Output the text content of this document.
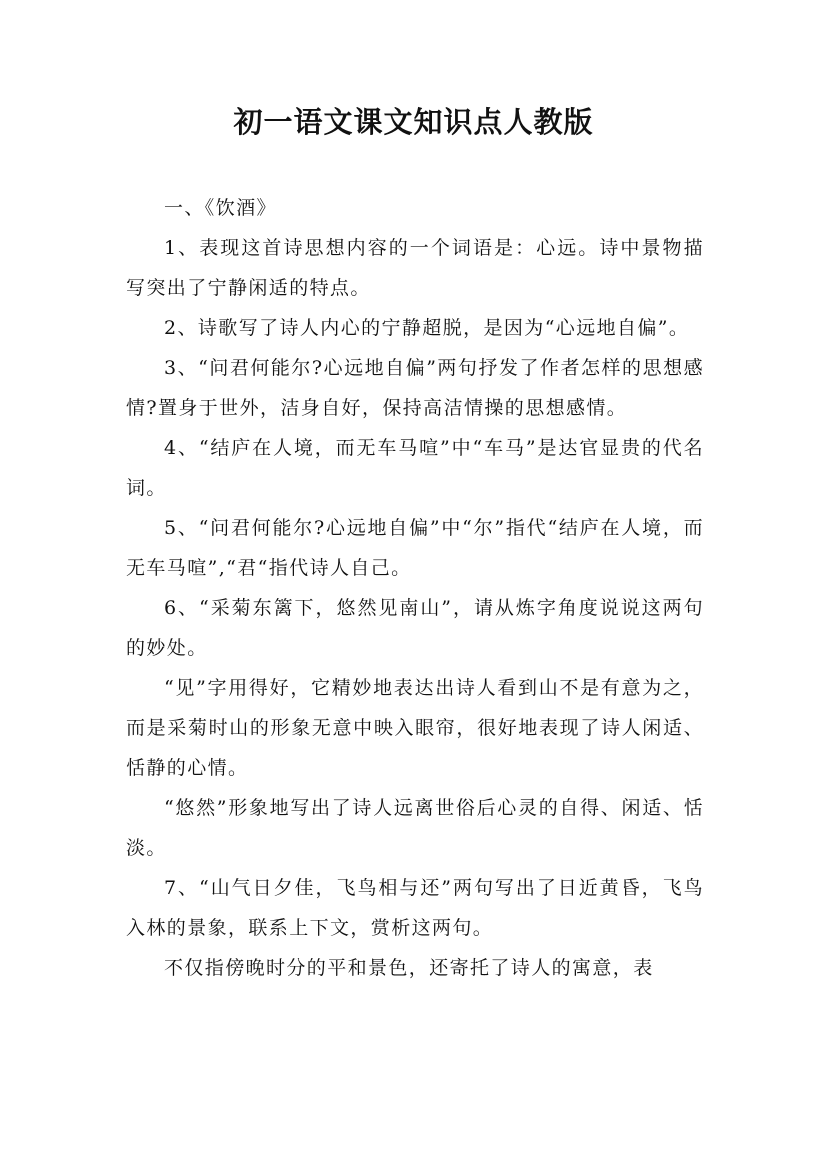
初一语文课文知识点人教版

一、《饮酒》

1、表现这首诗思想内容的一个词语是：心远。诗中景物描写突出了宁静闲适的特点。

2、诗歌写了诗人内心的宁静超脱，是因为“心远地自偏”。

3、“问君何能尔?心远地自偏”两句抒发了作者怎样的思想感情?置身于世外，洁身自好，保持高洁情操的思想感情。

4、“结庐在人境，而无车马喧”中“车马”是达官显贵的代名词。

5、“问君何能尔?心远地自偏”中“尔”指代“结庐在人境，而无车马喧”,“君“指代诗人自己。

6、“采菊东篱下，悠然见南山”，请从炼字角度说说这两句的妙处。

“见”字用得好，它精妙地表达出诗人看到山不是有意为之，而是采菊时山的形象无意中映入眼帘，很好地表现了诗人闲适、恬静的心情。

“悠然”形象地写出了诗人远离世俗后心灵的自得、闲适、恬淡。

7、“山气日夕佳，飞鸟相与还”两句写出了日近黄昏，飞鸟入林的景象，联系上下文，赏析这两句。

不仅指傍晚时分的平和景色，还寄托了诗人的寓意，表
